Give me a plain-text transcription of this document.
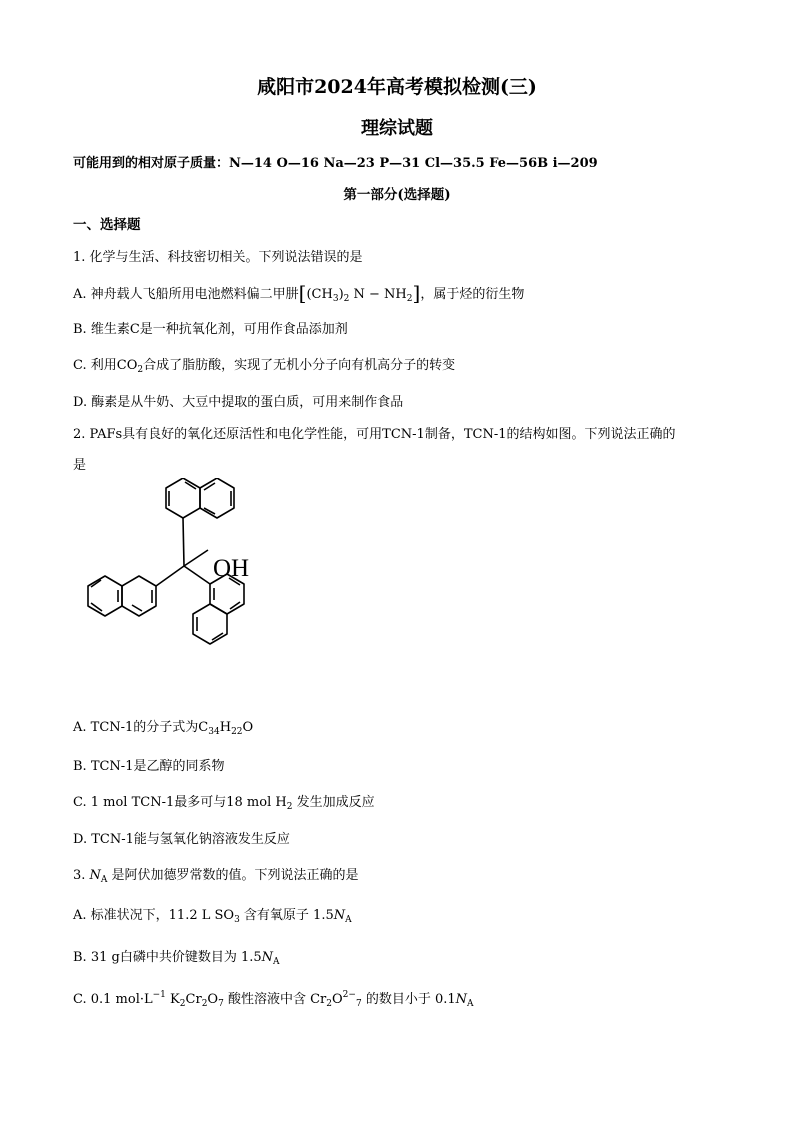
咸阳市2024年高考模拟检测(三)
理综试题
可能用到的相对原子质量：N—14 O—16 Na—23 P—31 Cl—35.5 Fe—56B i—209
第一部分(选择题)
一、选择题
1. 化学与生活、科技密切相关。下列说法错误的是
A. 神舟载人飞船所用电池燃料偏二甲肼[$(CH_3)_2$ $N - NH_2$]，属于烃的衍生物
B. 维生素C是一种抗氧化剂，可用作食品添加剂
C. 利用$CO_2$合成了脂肪酸，实现了无机小分子向有机高分子的转变
D. 酶素是从牛奶、大豆中提取的蛋白质，可用来制作食品
2. PAFs具有良好的氧化还原活性和电化学性能，可用TCN-1制备，TCN-1的结构如图。下列说法正确的
是
OH
A. TCN-1的分子式为$C_{34}H_{22}O$
B. TCN-1是乙醇的同系物
C. 1 mol TCN-1最多可与18 mol $H_2$ 发生加成反应
D. TCN-1能与氢氧化钠溶液发生反应
3. $N_A$ 是阿伏加德罗常数的值。下列说法正确的是
A. 标准状况下，11.2 L $SO_3$ 含有氧原子 $1.5N_A$
B. 31 g白磷中共价键数目为 $1.5N_A$
C. 0.1 $mol\cdot L^{-1}$ $K_2Cr_2O_7$ 酸性溶液中含 $Cr_2O^{2-}_7$ 的数目小于 $0.1N_A$
